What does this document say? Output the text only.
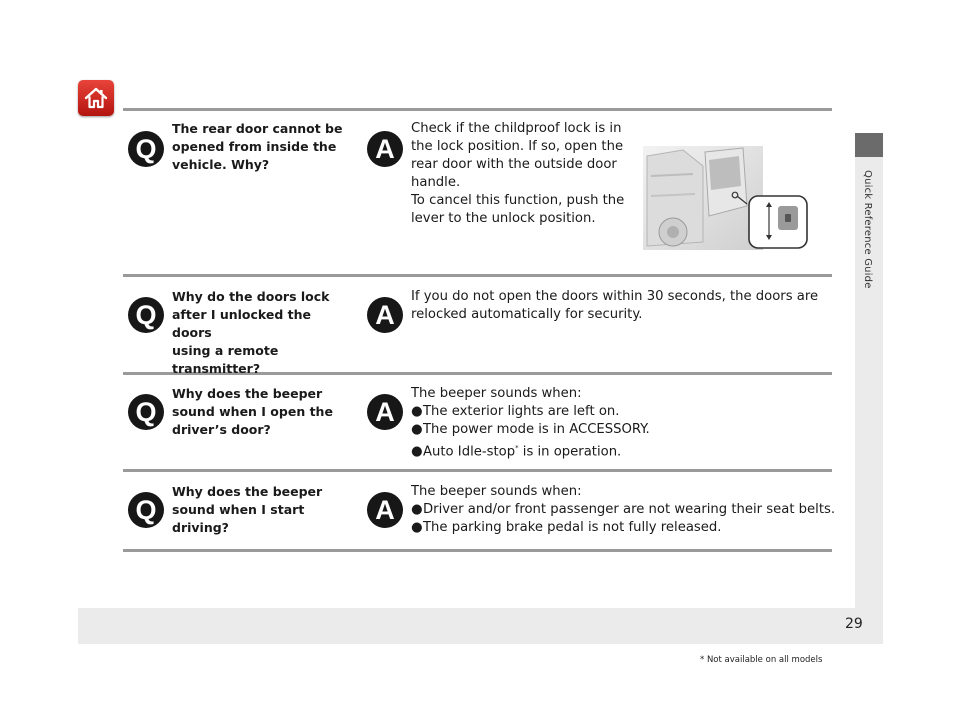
Quick Reference Guide
Q
The rear door cannot be
opened from inside the
vehicle. Why?
A
Check if the childproof lock is in
the lock position. If so, open the
rear door with the outside door
handle.
To cancel this function, push the
lever to the unlock position.
Q
Why do the doors lock
after I unlocked the doors
using a remote
transmitter?
A
If you do not open the doors within 30 seconds, the doors are
relocked automatically for security.
Q
Why does the beeper
sound when I open the
driver’s door?
A
The beeper sounds when:
●The exterior lights are left on.
●The power mode is in ACCESSORY.
●Auto Idle-stop* is in operation.
Q
Why does the beeper
sound when I start driving?
A
The beeper sounds when:
●Driver and/or front passenger are not wearing their seat belts.
●The parking brake pedal is not fully released.
29
* Not available on all models
